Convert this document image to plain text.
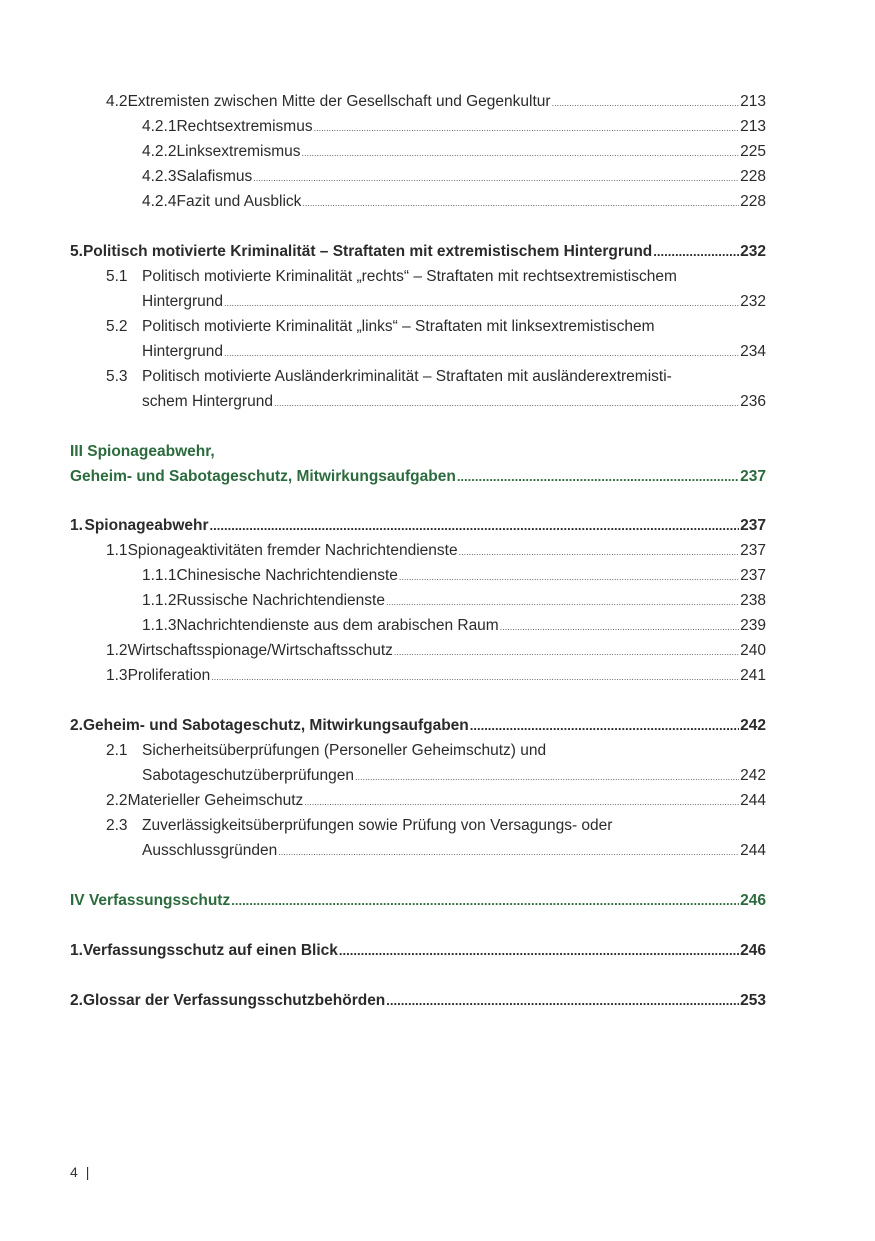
4.2 Extremisten zwischen Mitte der Gesellschaft und Gegenkultur .....	213
4.2.1 Rechtsextremismus .....	213
4.2.2 Linksextremismus .....	225
4.2.3 Salafismus .....	228
4.2.4 Fazit und Ausblick .....	228
5. Politisch motivierte Kriminalität – Straftaten mit extremistischem Hintergrund .....	232
5.1 Politisch motivierte Kriminalität „rechts“ – Straftaten mit rechtsextremistischem
Hintergrund .....	232
5.2 Politisch motivierte Kriminalität „links“ – Straftaten mit linksextremistischem
Hintergrund .....	234
5.3 Politisch motivierte Ausländerkriminalität – Straftaten mit ausländerextremisti-
schem Hintergrund .....	236
III Spionageabwehr,
Geheim- und Sabotageschutz, Mitwirkungsaufgaben .....	237
1. Spionageabwehr .....	237
1.1 Spionageaktivitäten fremder Nachrichtendienste .....	237
1.1.1 Chinesische Nachrichtendienste .....	237
1.1.2 Russische Nachrichtendienste .....	238
1.1.3 Nachrichtendienste aus dem arabischen Raum .....	239
1.2 Wirtschaftsspionage/Wirtschaftsschutz .....	240
1.3 Proliferation .....	241
2. Geheim- und Sabotageschutz, Mitwirkungsaufgaben .....	242
2.1 Sicherheitsüberprüfungen (Personeller Geheimschutz) und
Sabotageschutzüberprüfungen .....	242
2.2 Materieller Geheimschutz .....	244
2.3 Zuverlässigkeitsüberprüfungen sowie Prüfung von Versagungs- oder
Ausschlussgründen .....	244
IV Verfassungsschutz .....	246
1. Verfassungsschutz auf einen Blick .....	246
2. Glossar der Verfassungsschutzbehörden .....	253
4 |
